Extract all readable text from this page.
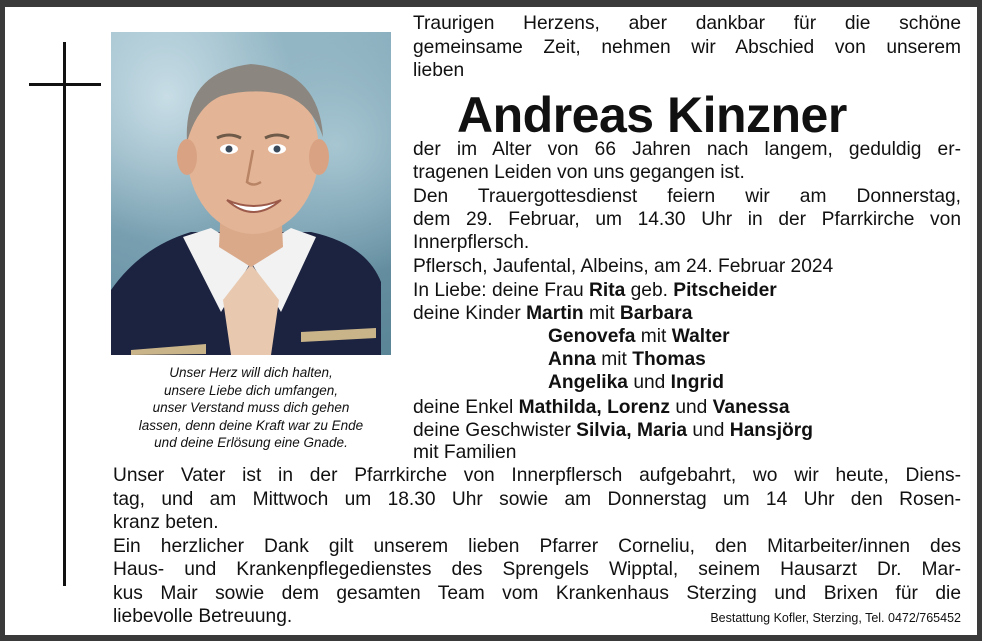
Unser Herz will dich halten,
unsere Liebe dich umfangen,
unser Verstand muss dich gehen
lassen, denn deine Kraft war zu Ende
und deine Erlösung eine Gnade.
Traurigen Herzens, aber dankbar für die schöne
gemeinsame Zeit, nehmen wir Abschied von unserem
lieben
Andreas Kinzner
der im Alter von 66 Jahren nach langem, geduldig er-
tragenen Leiden von uns gegangen ist.
Den Trauergottesdienst feiern wir am Donnerstag,
dem 29. Februar, um 14.30 Uhr in der Pfarrkirche von
Innerpflersch.
Pflersch, Jaufental, Albeins, am 24. Februar 2024
In Liebe: deine Frau Rita geb. Pitscheider
deine Kinder Martin mit Barbara
Genovefa mit Walter
Anna mit Thomas
Angelika und Ingrid
deine Enkel Mathilda, Lorenz und Vanessa
deine Geschwister Silvia, Maria und Hansjörg
mit Familien
Unser Vater ist in der Pfarrkirche von Innerpflersch aufgebahrt, wo wir heute, Diens-
tag, und am Mittwoch um 18.30 Uhr sowie am Donnerstag um 14 Uhr den Rosen-
kranz beten.
Ein herzlicher Dank gilt unserem lieben Pfarrer Corneliu, den Mitarbeiter/innen des
Haus- und Krankenpflegedienstes des Sprengels Wipptal, seinem Hausarzt Dr. Mar-
kus Mair sowie dem gesamten Team vom Krankenhaus Sterzing und Brixen für die
liebevolle Betreuung.	Bestattung Kofler, Sterzing, Tel. 0472/765452
